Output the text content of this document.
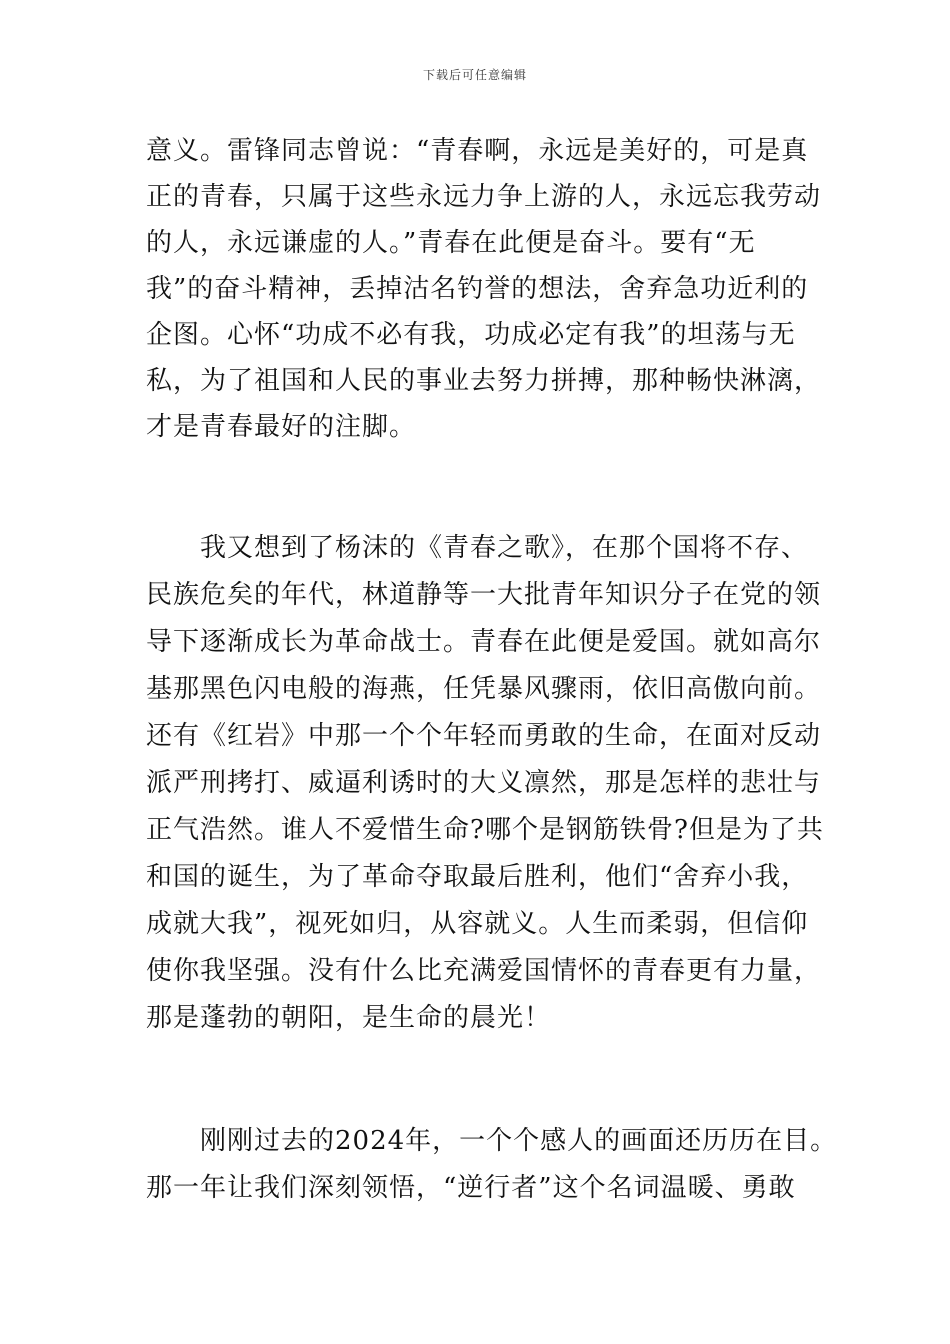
下载后可任意编辑
意义。雷锋同志曾说：“青春啊，永远是美好的，可是真
正的青春，只属于这些永远力争上游的人，永远忘我劳动
的人，永远谦虚的人。”青春在此便是奋斗。要有“无
我”的奋斗精神，丢掉沽名钓誉的想法，舍弃急功近利的
企图。心怀“功成不必有我，功成必定有我”的坦荡与无
私，为了祖国和人民的事业去努力拼搏，那种畅快淋漓，
才是青春最好的注脚。
　　我又想到了杨沫的《青春之歌》，在那个国将不存、
民族危矣的年代，林道静等一大批青年知识分子在党的领
导下逐渐成长为革命战士。青春在此便是爱国。就如高尔
基那黑色闪电般的海燕，任凭暴风骤雨，依旧高傲向前。
还有《红岩》中那一个个年轻而勇敢的生命，在面对反动
派严刑拷打、威逼利诱时的大义凛然，那是怎样的悲壮与
正气浩然。谁人不爱惜生命?哪个是钢筋铁骨?但是为了共
和国的诞生，为了革命夺取最后胜利，他们“舍弃小我，
成就大我”，视死如归，从容就义。人生而柔弱，但信仰
使你我坚强。没有什么比充满爱国情怀的青春更有力量，
那是蓬勃的朝阳，是生命的晨光！
　　刚刚过去的2024年，一个个感人的画面还历历在目。
那一年让我们深刻领悟，“逆行者”这个名词温暖、勇敢
